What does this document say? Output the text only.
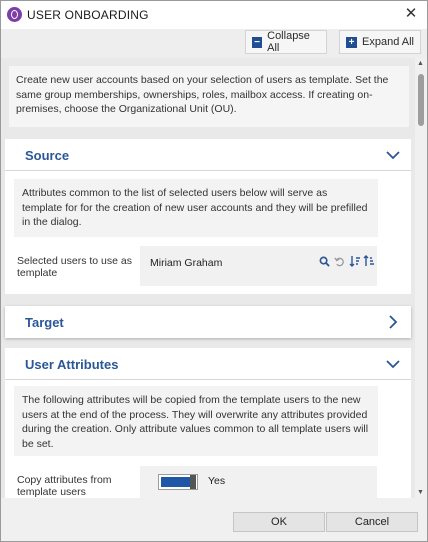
USER ONBOARDING	✕
− Collapse All	+ Expand All

Create new user accounts based on your selection of users as template. Set the same group memberships, ownerships, roles, mailbox access. If creating on-premises, choose the Organizational Unit (OU).

Source

Attributes common to the list of selected users below will serve as template for for the creation of new user accounts and they will be prefilled in the dialog.

Selected users to use as template
Miriam Graham
Target
User Attributes

The following attributes will be copied from the template users to the new users at the end of the process. They will overwrite any attributes provided during the creation. Only attribute values common to all template users will be set.

Copy attributes from template users
Yes
▲
▼
OK	Cancel
